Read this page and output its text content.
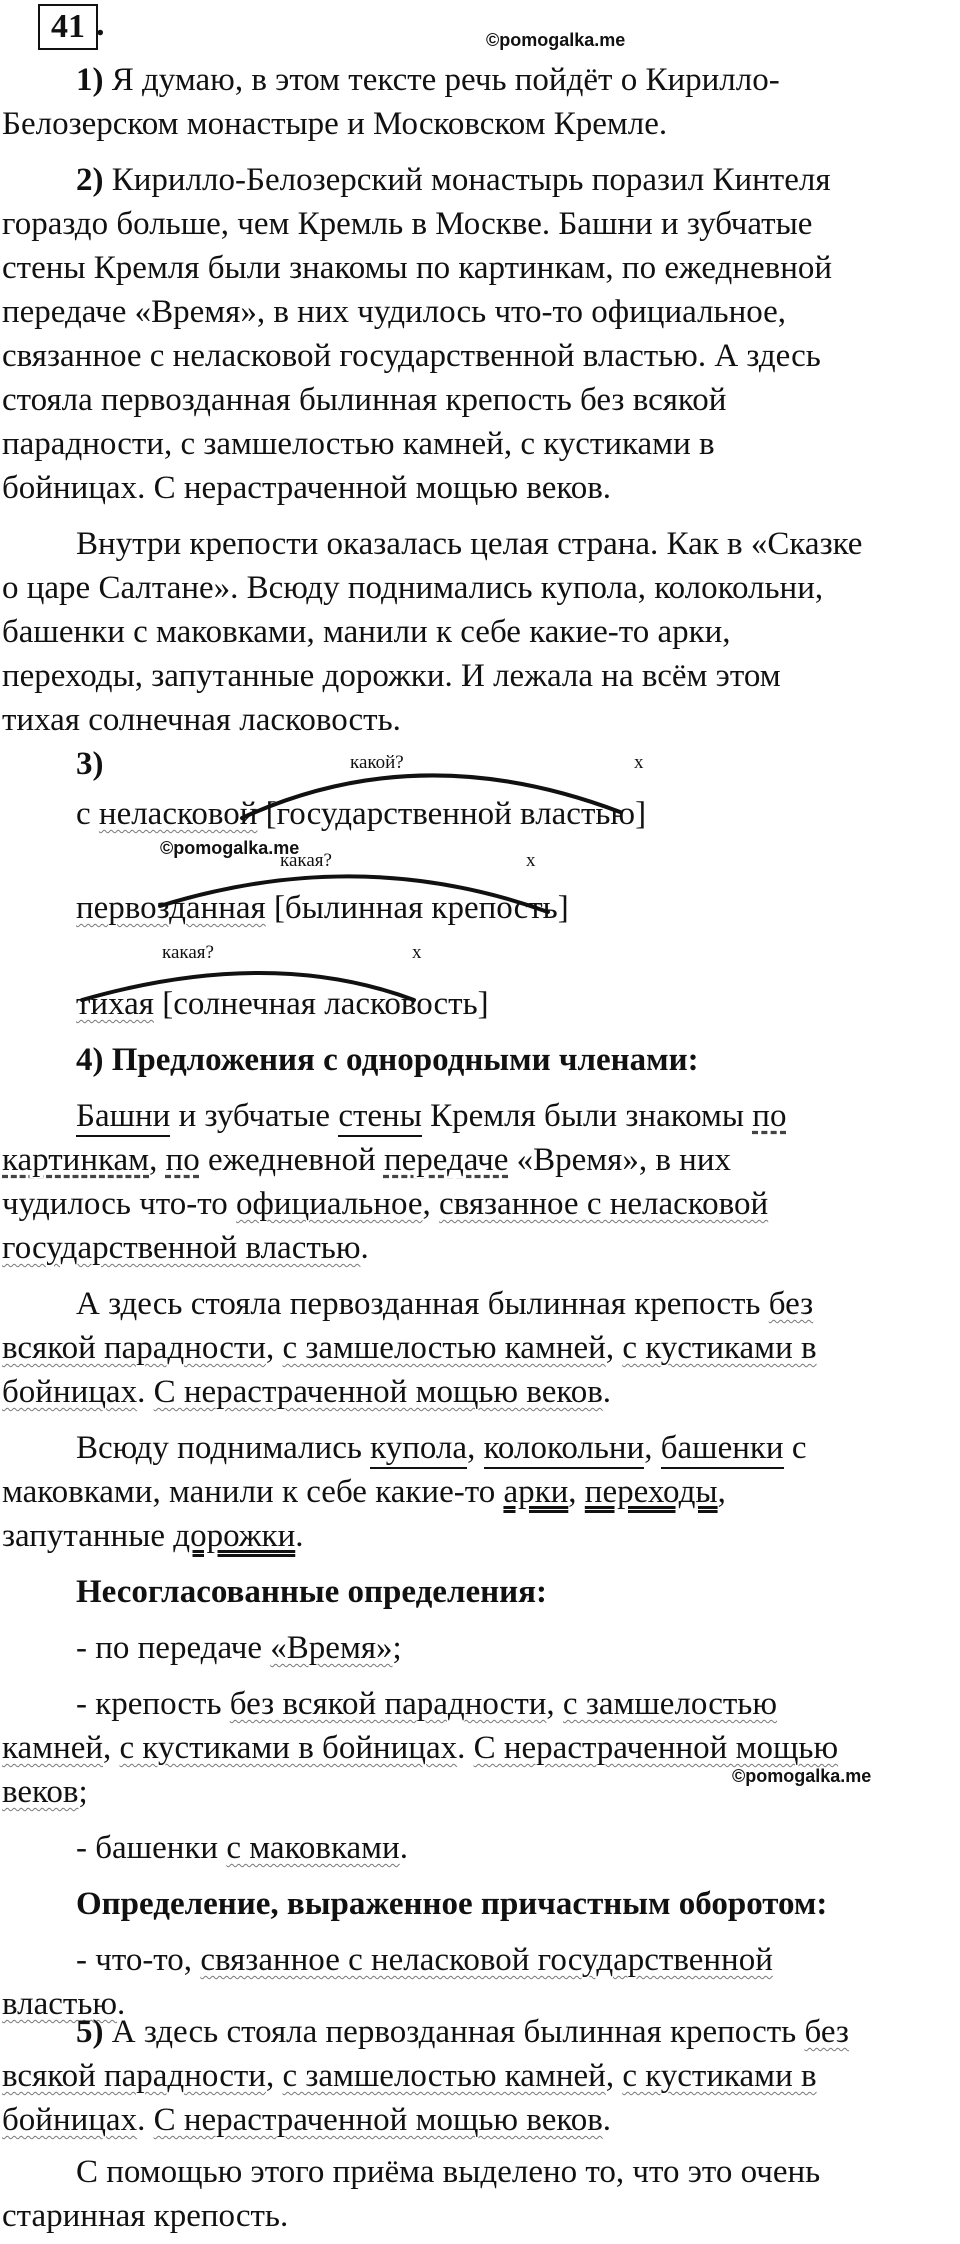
41 .	©pomogalka.me
1) Я думаю, в этом тексте речь пойдёт о Кирилло-
Белозерском монастыре и Московском Кремле.
2) Кирилло-Белозерский монастырь поразил Кинтеля
гораздо больше, чем Кремль в Москве. Башни и зубчатые
стены Кремля были знакомы по картинкам, по ежедневной
передаче «Время», в них чудилось что-то официальное,
связанное с неласковой государственной властью. А здесь
стояла первозданная былинная крепость без всякой
парадности, с замшелостью камней, с кустиками в
бойницах. С нерастраченной мощью веков.
Внутри крепости оказалась целая страна. Как в «Сказке
о царе Салтане». Всюду поднимались купола, колокольни,
башенки с маковками, манили к себе какие-то арки,
переходы, запутанные дорожки. И лежала на всём этом
тихая солнечная ласковость.
3)	какой?	х
с неласковой [государственной властью]
©pomogalka.me
какая?	х
первозданная [былинная крепость]
какая?	х
тихая [солнечная ласковость]
4) Предложения с однородными членами:
Башни и зубчатые стены Кремля были знакомы по
картинкам, по ежедневной передаче «Время», в них
чудилось что-то официальное, связанное с неласковой
государственной властью.
А здесь стояла первозданная былинная крепость без
всякой парадности, с замшелостью камней, с кустиками в
бойницах. С нерастраченной мощью веков.
Всюду поднимались купола, колокольни, башенки с
маковками, манили к себе какие-то арки, переходы,
запутанные дорожки.
Несогласованные определения:
- по передаче «Время»;
- крепость без всякой парадности, с замшелостью
камней, с кустиками в бойницах. С нерастраченной мощью
веков;	©pomogalka.me
- башенки с маковками.
Определение, выраженное причастным оборотом:
- что-то, связанное с неласковой государственной
властью.
5) А здесь стояла первозданная былинная крепость без
всякой парадности, с замшелостью камней, с кустиками в
бойницах. С нерастраченной мощью веков.
С помощью этого приёма выделено то, что это очень
старинная крепость.
